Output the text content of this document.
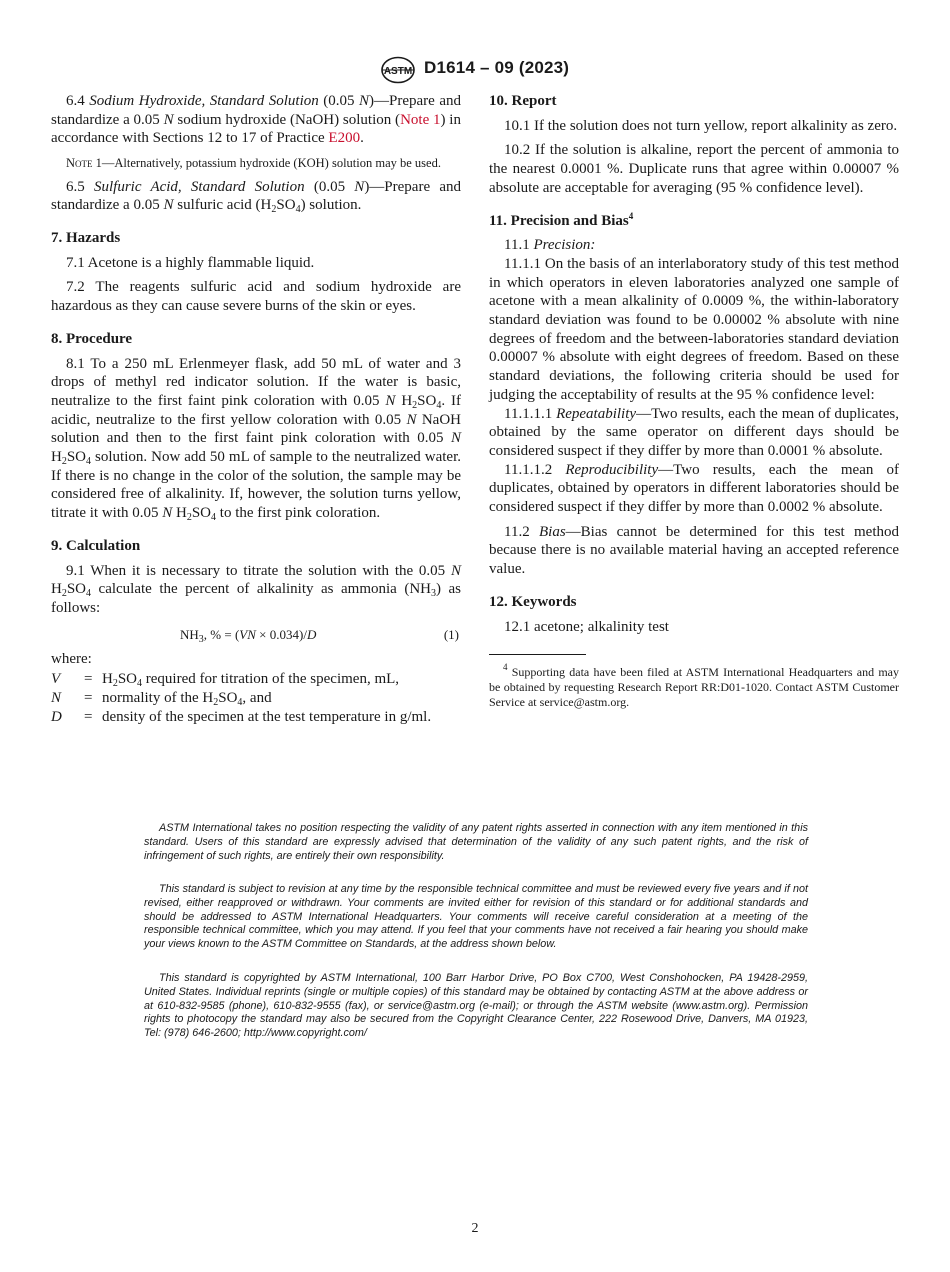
ASTM D1614 – 09 (2023)

6.4 Sodium Hydroxide, Standard Solution (0.05 N)—Prepare and standardize a 0.05 N sodium hydroxide (NaOH) solution (Note 1) in accordance with Sections 12 to 17 of Practice E200.

Note 1—Alternatively, potassium hydroxide (KOH) solution may be used.

6.5 Sulfuric Acid, Standard Solution (0.05 N)—Prepare and standardize a 0.05 N sulfuric acid $(H_2SO_4)$ solution.

7. Hazards

7.1 Acetone is a highly flammable liquid.

7.2 The reagents sulfuric acid and sodium hydroxide are hazardous as they can cause severe burns of the skin or eyes.

8. Procedure

8.1 To a 250 mL Erlenmeyer flask, add 50 mL of water and 3 drops of methyl red indicator solution. If the water is basic, neutralize to the first faint pink coloration with 0.05 N $H_2SO_4$. If acidic, neutralize to the first yellow coloration with 0.05 N NaOH solution and then to the first faint pink coloration with 0.05 N $H_2SO_4$ solution. Now add 50 mL of sample to the neutralized water. If there is no change in the color of the solution, the sample may be considered free of alkalinity. If, however, the solution turns yellow, titrate it with 0.05 N $H_2SO_4$ to the first pink coloration.

9. Calculation

9.1 When it is necessary to titrate the solution with the 0.05 N $H_2SO_4$ calculate the percent of alkalinity as ammonia $(NH_3)$ as follows:

$NH_3$, % = (VN × 0.034)/D	(1)

where:

$V = H_2SO_4$ required for titration of the specimen, mL,
N = normality of the $H_2SO_4$, and
D = density of the specimen at the test temperature in g/ml.
10. Report

10.1 If the solution does not turn yellow, report alkalinity as zero.

10.2 If the solution is alkaline, report the percent of ammonia to the nearest 0.0001 %. Duplicate runs that agree within 0.00007 % absolute are acceptable for averaging (95 % confidence level).

11. Precision and Bias$^4$

11.1 Precision:

11.1.1 On the basis of an interlaboratory study of this test method in which operators in eleven laboratories analyzed one sample of acetone with a mean alkalinity of 0.0009 %, the within-laboratory standard deviation was found to be 0.00002 % absolute with nine degrees of freedom and the between-laboratories standard deviation 0.00007 % absolute with eight degrees of freedom. Based on these standard deviations, the following criteria should be used for judging the acceptability of results at the 95 % confidence level:

11.1.1.1 Repeatability—Two results, each the mean of duplicates, obtained by the same operator on different days should be considered suspect if they differ by more than 0.0001 % absolute.

11.1.1.2 Reproducibility—Two results, each the mean of duplicates, obtained by operators in different laboratories should be considered suspect if they differ by more than 0.0002 % absolute.

11.2 Bias—Bias cannot be determined for this test method because there is no available material having an accepted reference value.

12. Keywords

12.1 acetone; alkalinity test

$^4$ Supporting data have been filed at ASTM International Headquarters and may be obtained by requesting Research Report RR:D01-1020. Contact ASTM Customer Service at service@astm.org.

ASTM International takes no position respecting the validity of any patent rights asserted in connection with any item mentioned in this standard. Users of this standard are expressly advised that determination of the validity of any such patent rights, and the risk of infringement of such rights, are entirely their own responsibility.

This standard is subject to revision at any time by the responsible technical committee and must be reviewed every five years and if not revised, either reapproved or withdrawn. Your comments are invited either for revision of this standard or for additional standards and should be addressed to ASTM International Headquarters. Your comments will receive careful consideration at a meeting of the responsible technical committee, which you may attend. If you feel that your comments have not received a fair hearing you should make your views known to the ASTM Committee on Standards, at the address shown below.

This standard is copyrighted by ASTM International, 100 Barr Harbor Drive, PO Box C700, West Conshohocken, PA 19428-2959, United States. Individual reprints (single or multiple copies) of this standard may be obtained by contacting ASTM at the above address or at 610-832-9585 (phone), 610-832-9555 (fax), or service@astm.org (e-mail); or through the ASTM website (www.astm.org). Permission rights to photocopy the standard may also be secured from the Copyright Clearance Center, 222 Rosewood Drive, Danvers, MA 01923, Tel: (978) 646-2600; http://www.copyright.com/

2
